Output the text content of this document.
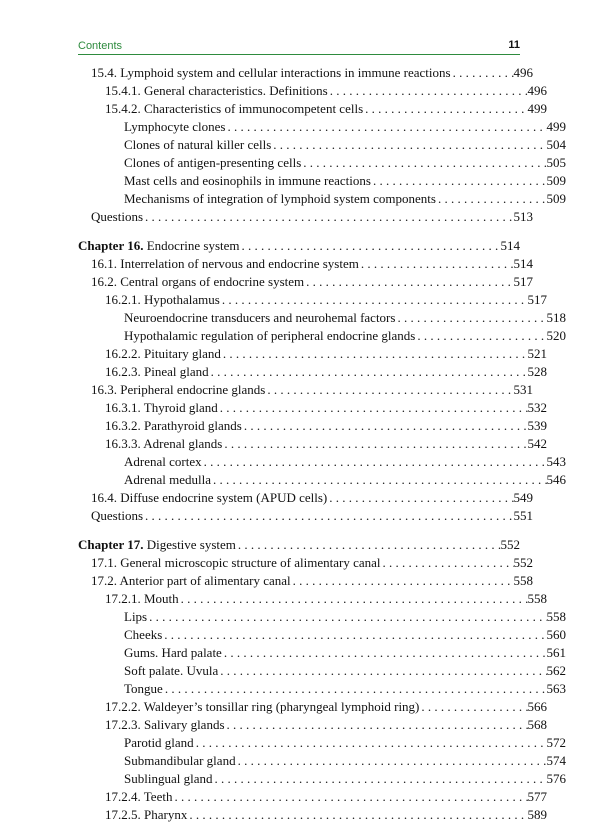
Contents	11
15.4. Lymphoid system and cellular interactions in immune reactions . . .	496
15.4.1. General characteristics. Definitions . . .	496
15.4.2. Characteristics of immunocompetent cells . . .	499
Lymphocyte clones . . .	499
Clones of natural killer cells . . .	504
Clones of antigen-presenting cells . . .	505
Mast cells and eosinophils in immune reactions . . .	509
Mechanisms of integration of lymphoid system components . . .	509
Questions . . .	513
Chapter 16. Endocrine system . . .	514
16.1. Interrelation of nervous and endocrine system . . .	514
16.2. Central organs of endocrine system . . .	517
16.2.1. Hypothalamus . . .	517
Neuroendocrine transducers and neurohemal factors . . .	518
Hypothalamic regulation of peripheral endocrine glands . . .	520
16.2.2. Pituitary gland . . .	521
16.2.3. Pineal gland . . .	528
16.3. Peripheral endocrine glands . . .	531
16.3.1. Thyroid gland . . .	532
16.3.2. Parathyroid glands . . .	539
16.3.3. Adrenal glands . . .	542
Adrenal cortex . . .	543
Adrenal medulla . . .	546
16.4. Diffuse endocrine system (APUD cells) . . .	549
Questions . . .	551
Chapter 17. Digestive system . . .	552
17.1. General microscopic structure of alimentary canal . . .	552
17.2. Anterior part of alimentary canal . . .	558
17.2.1. Mouth . . .	558
Lips . . .	558
Cheeks . . .	560
Gums. Hard palate . . .	561
Soft palate. Uvula . . .	562
Tongue . . .	563
17.2.2. Waldeyer’s tonsillar ring (pharyngeal lymphoid ring) . . .	566
17.2.3. Salivary glands . . .	568
Parotid gland . . .	572
Submandibular gland . . .	574
Sublingual gland . . .	576
17.2.4. Teeth . . .	577
17.2.5. Pharynx . . .	589
